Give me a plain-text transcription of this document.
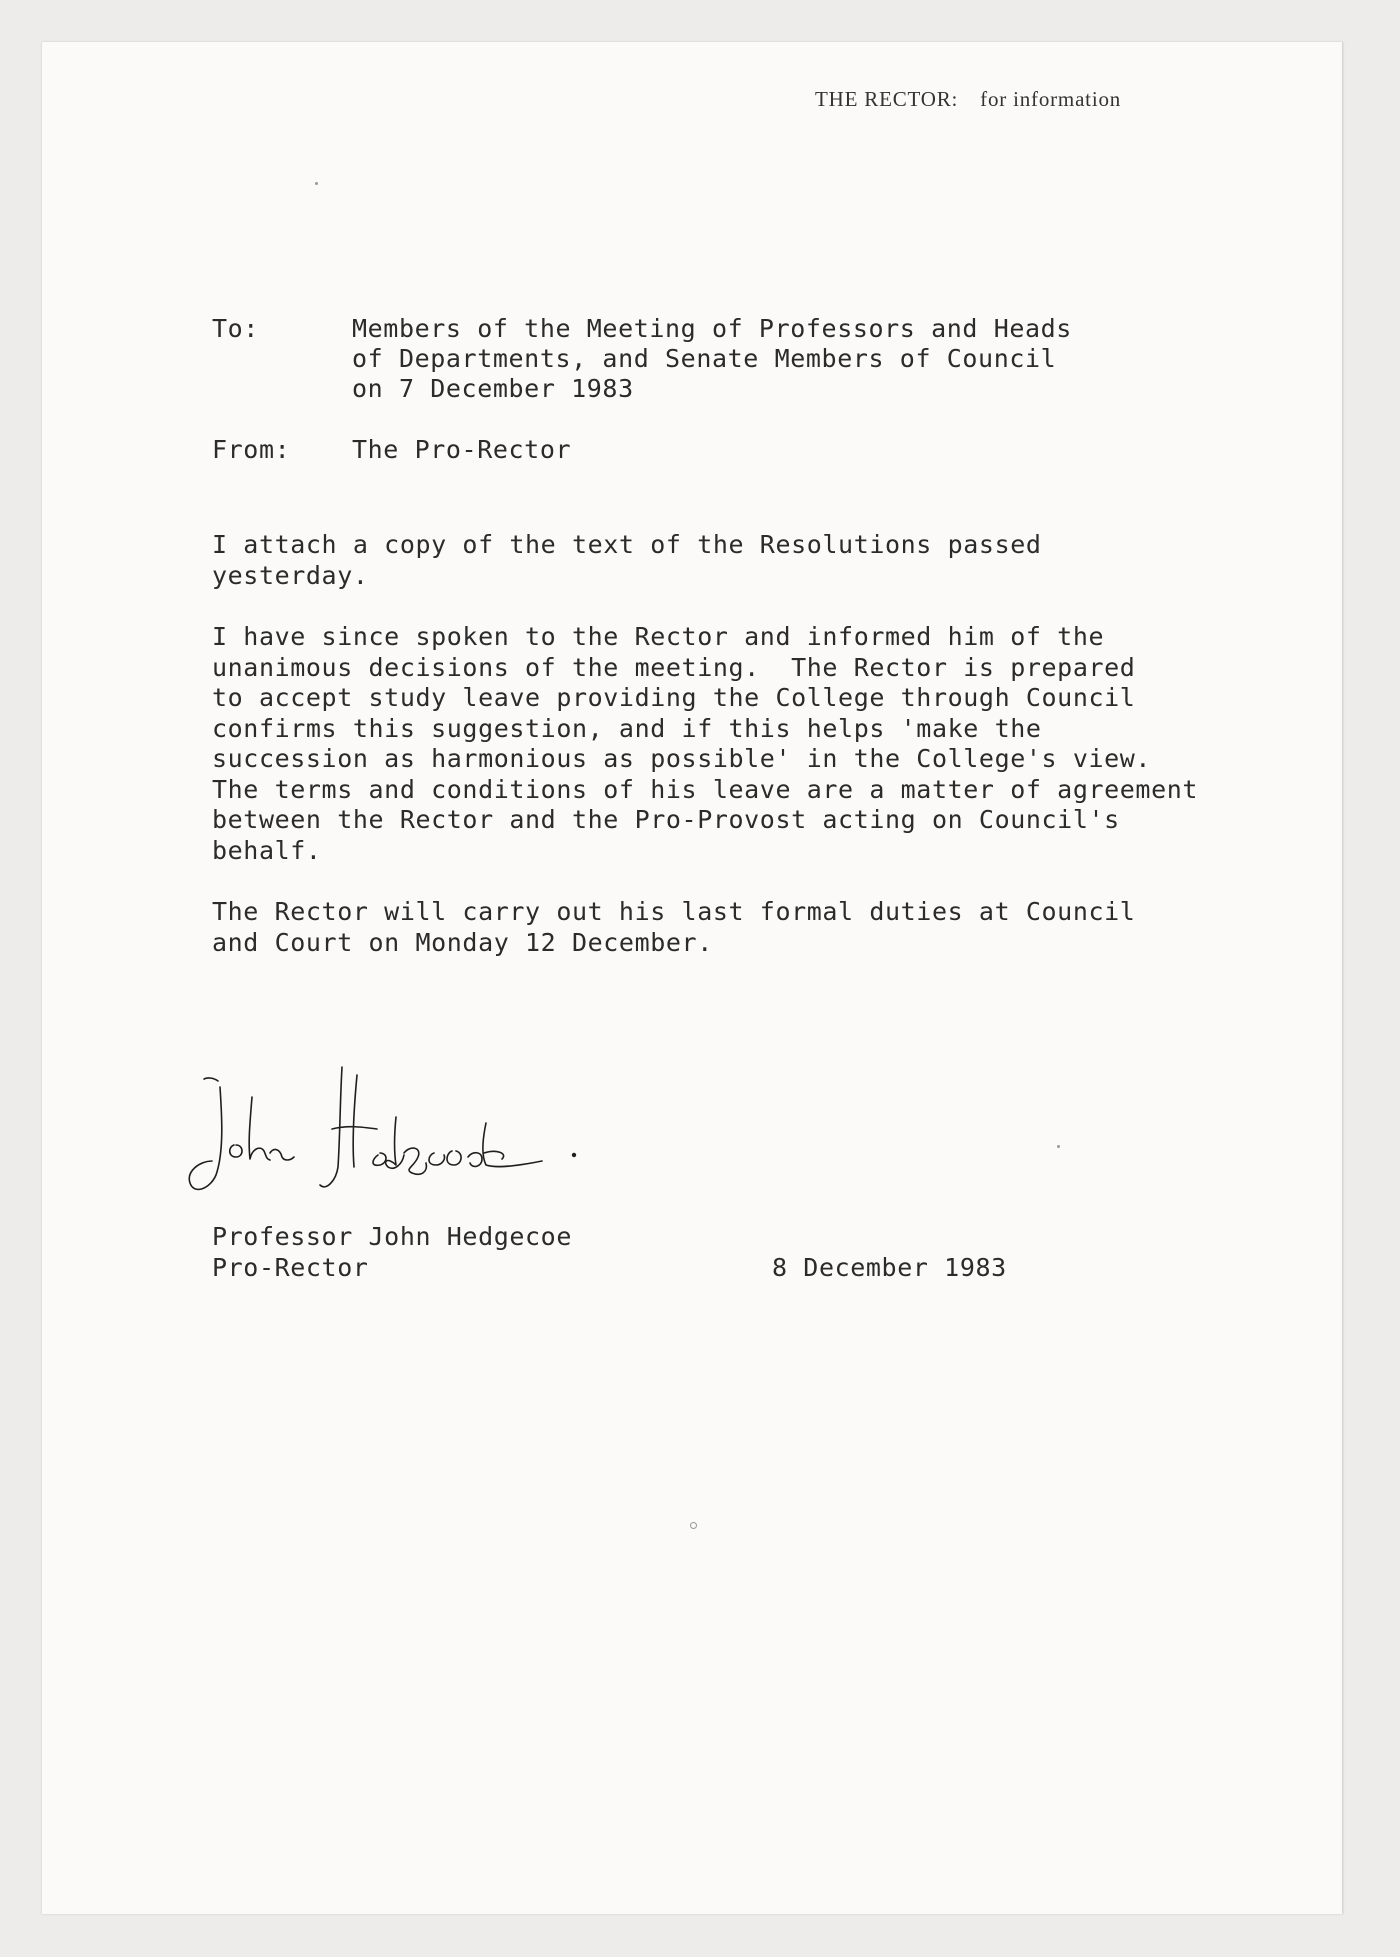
THE RECTOR: for information
To:	Members of the Meeting of Professors and Heads
of Departments, and Senate Members of Council
on 7 December 1983
From: The Pro-Rector
I attach a copy of the text of the Resolutions passed
yesterday.
I have since spoken to the Rector and informed him of the
unanimous decisions of the meeting.  The Rector is prepared
to accept study leave providing the College through Council
confirms this suggestion, and if this helps 'make the
succession as harmonious as possible' in the College's view.
The terms and conditions of his leave are a matter of agreement
between the Rector and the Pro-Provost acting on Council's
behalf.
The Rector will carry out his last formal duties at Council
and Court on Monday 12 December.
John Hedgecoe.
Professor John Hedgecoe
Pro-Rector	8 December 1983
